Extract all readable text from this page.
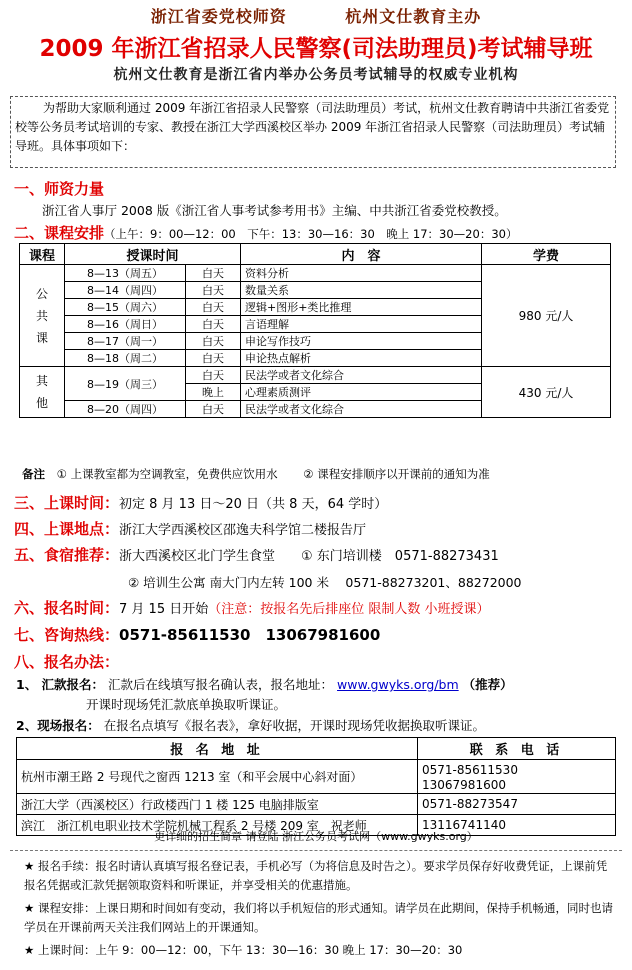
浙江省委党校师资	杭州文仕教育主办
2009 年浙江省招录人民警察(司法助理员)考试辅导班
杭州文仕教育是浙江省内举办公务员考试辅导的权威专业机构

为帮助大家顺利通过 2009 年浙江省招录人民警察（司法助理员）考试，杭州文仕教育聘请中共浙江省委党校等公务员考试培训的专家、教授在浙江大学西溪校区举办 2009 年浙江省招录人民警察（司法助理员）考试辅导班。具体事项如下：

一、师资力量
浙江省人事厅 2008 版《浙江省人事考试参考用书》主编、中共浙江省委党校教授。
二、课程安排（上午：9：00—12：00　下午：13：30—16：30　晚上 17：30—20：30）
课程	授课时间		内　容	学费
公共课	8—13（周五）	白天	资料分析	980 元/人
	8—14（周四）	白天	数量关系	
	8—15（周六）	白天	逻辑+图形+类比推理	
	8—16（周日）	白天	言语理解	
	8—17（周一）	白天	申论写作技巧	
	8—18（周二）	白天	申论热点解析	
其他	8—19（周三）	白天	民法学或者文化综合	430 元/人
		晚上	心理素质测评	
	8—20（周四）	白天	民法学或者文化综合	
备注 ① 上课教室都为空调教室，免费供应饮用水 ② 课程安排顺序以开课前的通知为准
三、上课时间：初定 8 月 13 日～20 日（共 8 天，64 学时）
四、上课地点：浙江大学西溪校区邵逸夫科学馆二楼报告厅
五、食宿推荐：浙大西溪校区北门学生食堂　　① 东门培训楼　0571-88273431
② 培训生公寓 南大门内左转 100 米　 0571-88273201、88272000
六、报名时间：7 月 15 日开始（注意：按报名先后排座位 限制人数 小班授课）
七、咨询热线：0571-85611530　13067981600
八、报名办法：
1、 汇款报名： 汇款后在线填写报名确认表，报名地址： www.gwyks.org/bm （推荐）
开课时现场凭汇款底单换取听课证。
2、现场报名： 在报名点填写《报名表》，拿好收据，开课时现场凭收据换取听课证。
报 名 地 址	联 系 电 话
杭州市潮王路 2 号现代之窗西 1213 室（和平会展中心斜对面）	0571-85611530　13067981600
浙江大学（西溪校区）行政楼西门 1 楼 125 电脑排版室	0571-88273547
滨江　浙江机电职业技术学院机械工程系 2 号楼 209 室　祝老师	13116741140
更详细的招生简章 请登陆 浙江公务员考试网（www.gwyks.org）

★ 报名手续：报名时请认真填写报名登记表，手机必写（为将信息及时告之）。要求学员保存好收费凭证，上课前凭报名凭据或汇款凭据领取资料和听课证，并享受相关的优惠措施。

★ 课程安排：上课日期和时间如有变动，我们将以手机短信的形式通知。请学员在此期间，保持手机畅通，同时也请学员在开课前两天关注我们网站上的开课通知。

★ 上课时间：上午 9：00—12：00，下午 13：30—16：30 晚上 17：30—20：30
